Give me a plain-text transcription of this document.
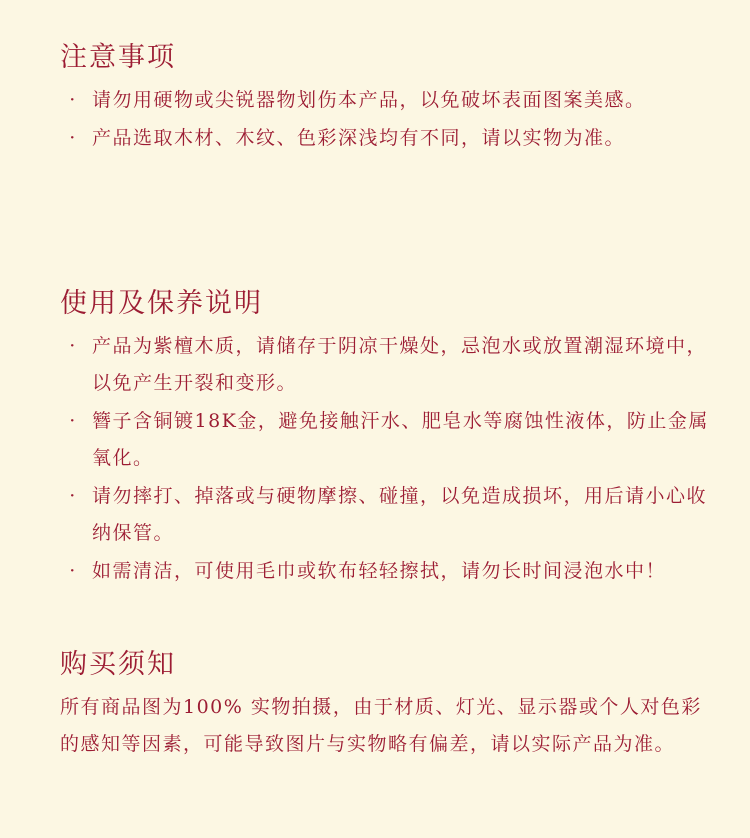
注意事项
· 请勿用硬物或尖锐器物划伤本产品，以免破坏表面图案美感。
· 产品选取木材、木纹、色彩深浅均有不同，请以实物为准。
使用及保养说明
· 产品为紫檀木质，请储存于阴凉干燥处，忌泡水或放置潮湿环境中，以免产生开裂和变形。
· 簪子含铜镀18K金，避免接触汗水、肥皂水等腐蚀性液体，防止金属氧化。
· 请勿摔打、掉落或与硬物摩擦、碰撞，以免造成损坏，用后请小心收纳保管。
· 如需清洁，可使用毛巾或软布轻轻擦拭，请勿长时间浸泡水中！
购买须知

所有商品图为100% 实物拍摄，由于材质、灯光、显示器或个人对色彩的感知等因素，可能导致图片与实物略有偏差，请以实际产品为准。
